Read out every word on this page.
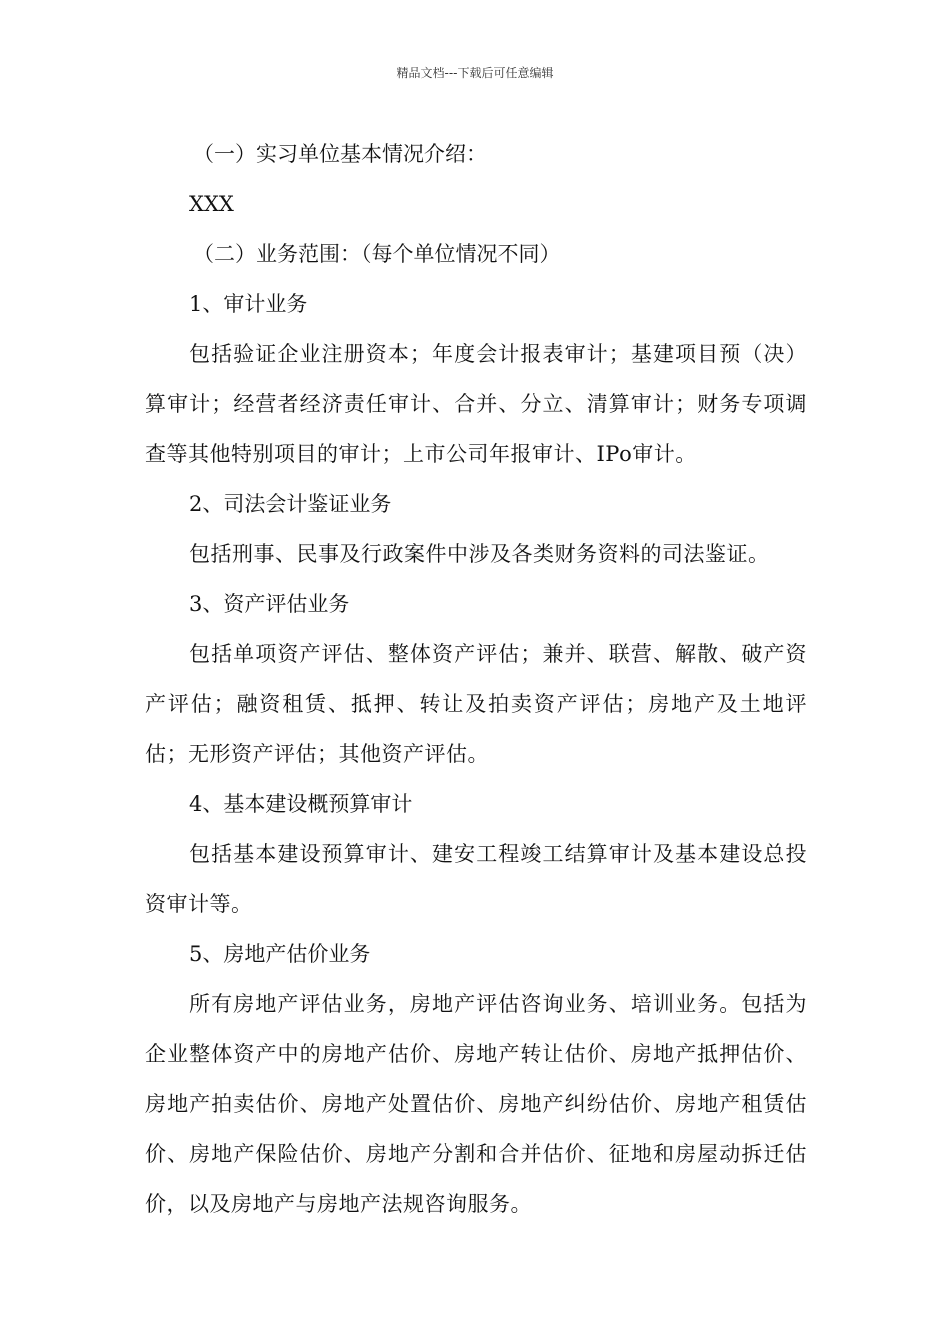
精品文档---下载后可任意编辑
（一）实习单位基本情况介绍：
XXX
（二）业务范围：（每个单位情况不同）
1、审计业务
包括验证企业注册资本；年度会计报表审计；基建项目预（决）算审计；经营者经济责任审计、合并、分立、清算审计；财务专项调查等其他特别项目的审计；上市公司年报审计、IPo审计。
2、司法会计鉴证业务
包括刑事、民事及行政案件中涉及各类财务资料的司法鉴证。
3、资产评估业务
包括单项资产评估、整体资产评估；兼并、联营、解散、破产资产评估；融资租赁、抵押、转让及拍卖资产评估；房地产及土地评估；无形资产评估；其他资产评估。
4、基本建设概预算审计
包括基本建设预算审计、建安工程竣工结算审计及基本建设总投资审计等。
5、房地产估价业务
所有房地产评估业务，房地产评估咨询业务、培训业务。包括为企业整体资产中的房地产估价、房地产转让估价、房地产抵押估价、房地产拍卖估价、房地产处置估价、房地产纠纷估价、房地产租赁估价、房地产保险估价、房地产分割和合并估价、征地和房屋动拆迁估价，以及房地产与房地产法规咨询服务。
